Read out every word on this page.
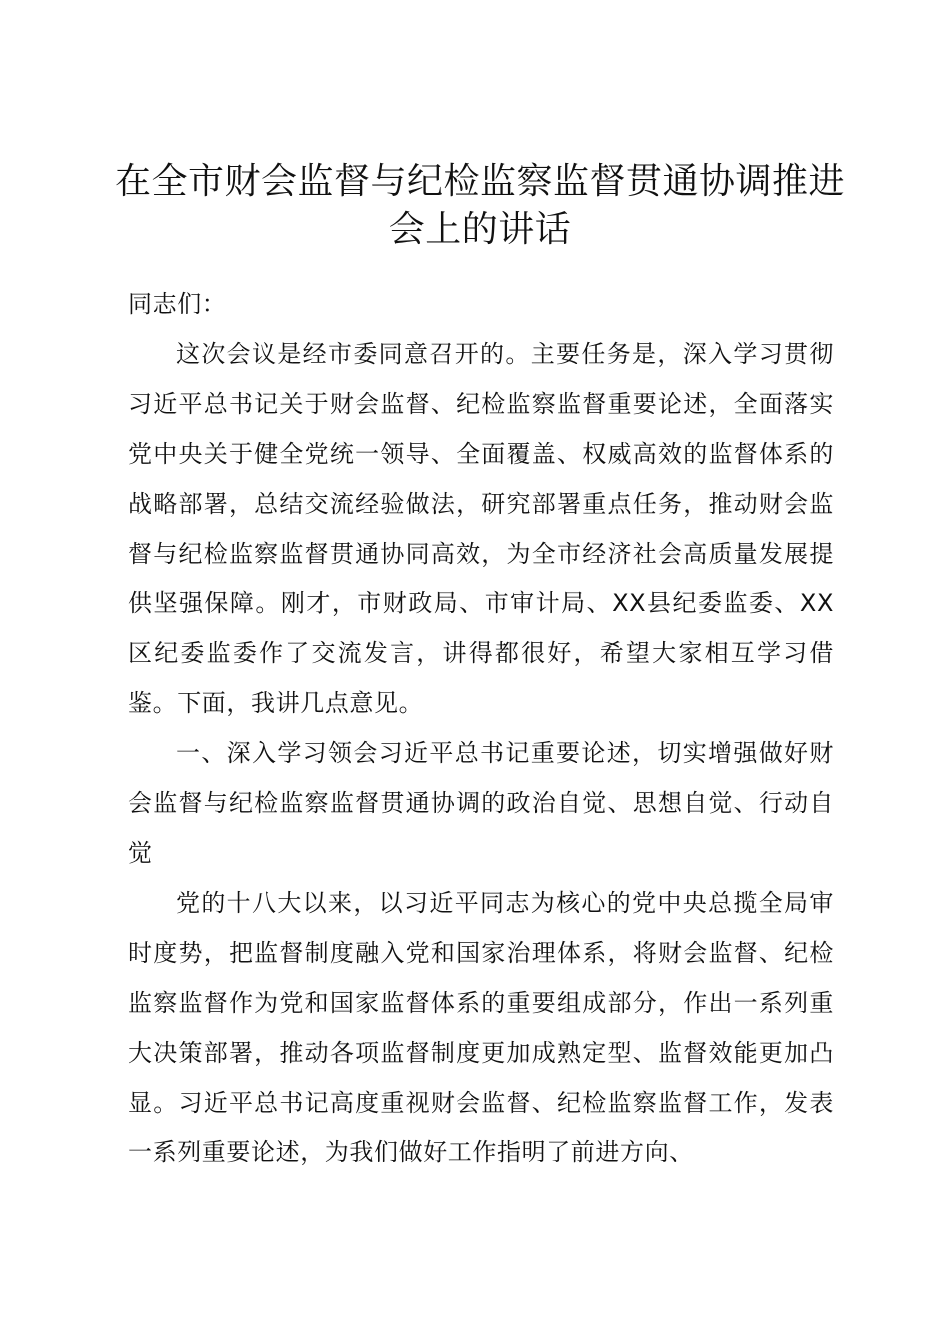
在全市财会监督与纪检监察监督贯通协调推进
会上的讲话

同志们：

这次会议是经市委同意召开的。主要任务是，深入学习贯彻习近平总书记关于财会监督、纪检监察监督重要论述，全面落实党中央关于健全党统一领导、全面覆盖、权威高效的监督体系的战略部署，总结交流经验做法，研究部署重点任务，推动财会监督与纪检监察监督贯通协同高效，为全市经济社会高质量发展提供坚强保障。刚才，市财政局、市审计局、XX县纪委监委、XX区纪委监委作了交流发言，讲得都很好，希望大家相互学习借鉴。下面，我讲几点意见。

一、深入学习领会习近平总书记重要论述，切实增强做好财会监督与纪检监察监督贯通协调的政治自觉、思想自觉、行动自觉

党的十八大以来，以习近平同志为核心的党中央总揽全局审时度势，把监督制度融入党和国家治理体系，将财会监督、纪检监察监督作为党和国家监督体系的重要组成部分，作出一系列重大决策部署，推动各项监督制度更加成熟定型、监督效能更加凸显。习近平总书记高度重视财会监督、纪检监察监督工作，发表一系列重要论述，为我们做好工作指明了前进方向、
